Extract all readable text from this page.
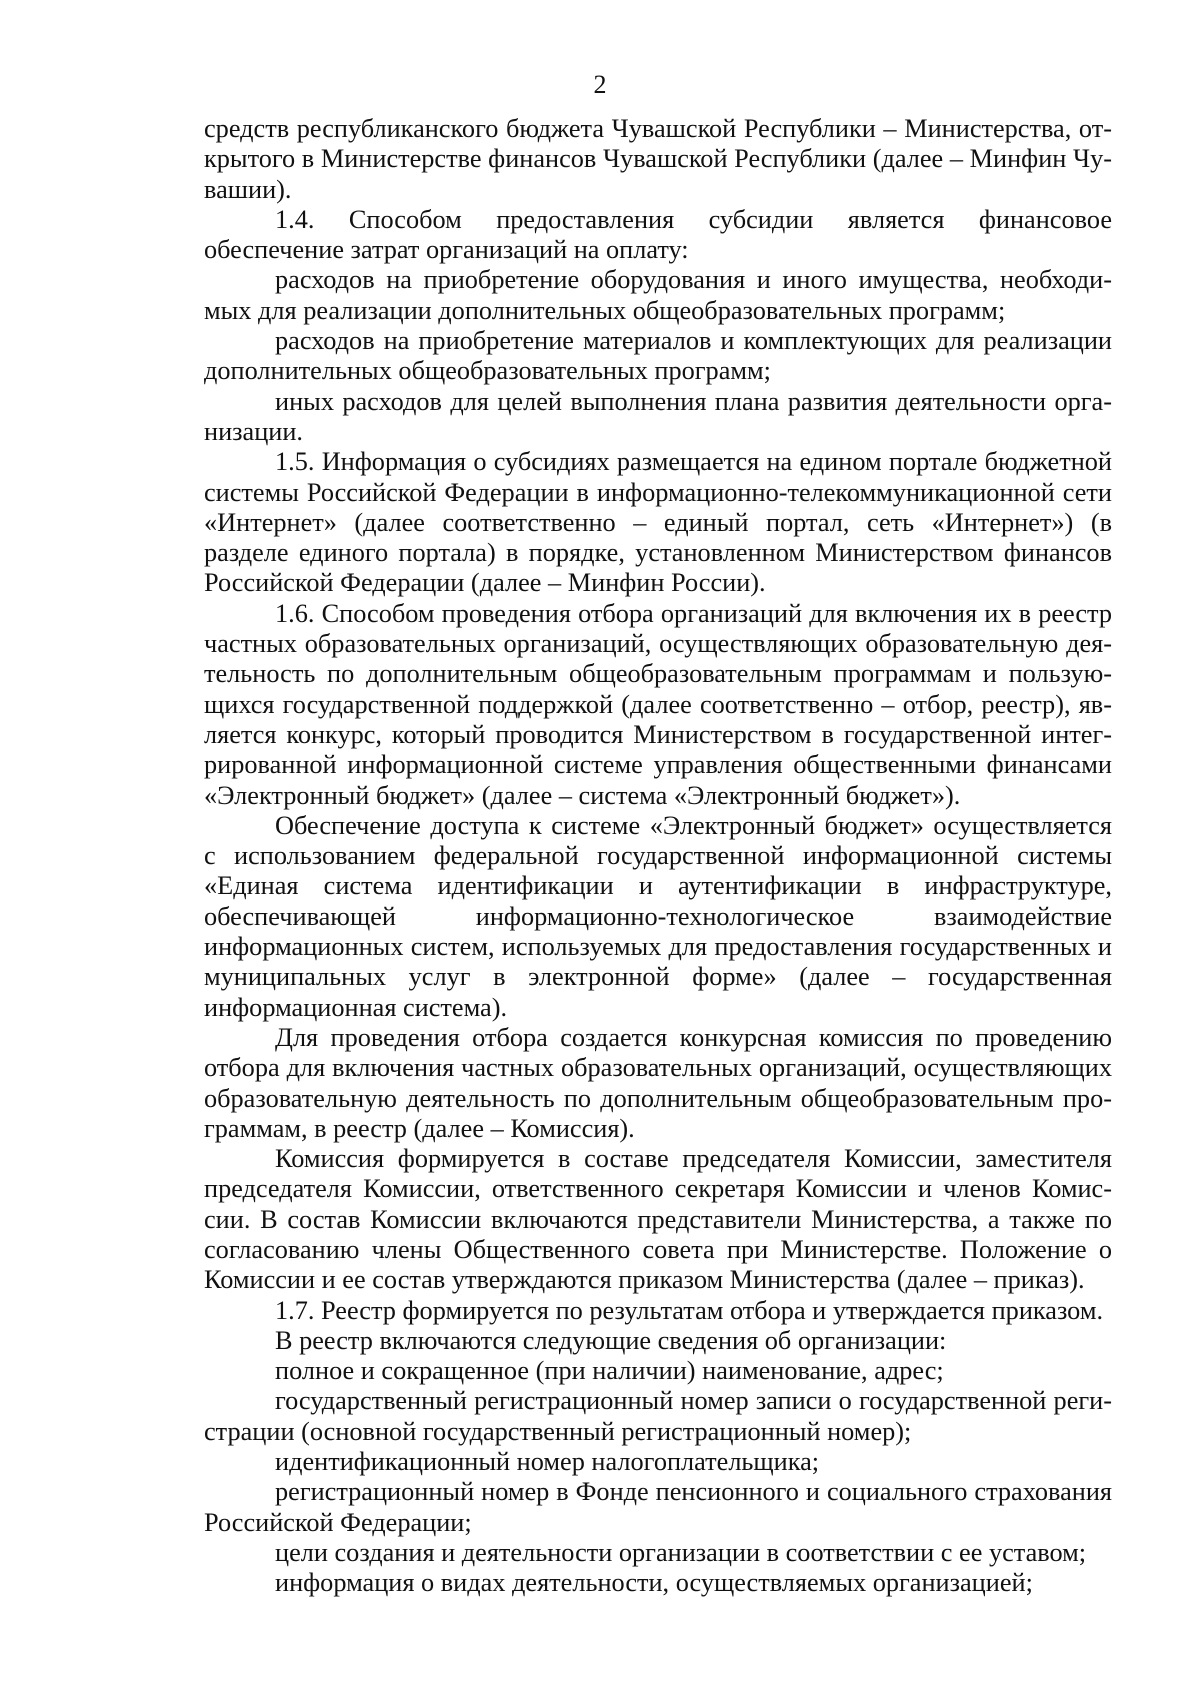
2

средств республиканского бюджета Чувашской Республики – Министерства, открытого в Министерстве финансов Чувашской Республики (далее – Минфин Чувашии).

1.4. Способом предоставления субсидии является финансовое обеспечение затрат организаций на оплату:

расходов на приобретение оборудования и иного имущества, необходимых для реализации дополнительных общеобразовательных программ;

расходов на приобретение материалов и комплектующих для реализации дополнительных общеобразовательных программ;

иных расходов для целей выполнения плана развития деятельности организации.

1.5. Информация о субсидиях размещается на едином портале бюджетной системы Российской Федерации в информационно-телекоммуникационной сети «Интернет» (далее соответственно – единый портал, сеть «Интернет») (в разделе единого портала) в порядке, установленном Министерством финансов Российской Федерации (далее – Минфин России).

1.6. Способом проведения отбора организаций для включения их в реестр частных образовательных организаций, осуществляющих образовательную деятельность по дополнительным общеобразовательным программам и пользующихся государственной поддержкой (далее соответственно – отбор, реестр), является конкурс, который проводится Министерством в государственной интегрированной информационной системе управления общественными финансами «Электронный бюджет» (далее – система «Электронный бюджет»).

Обеспечение доступа к системе «Электронный бюджет» осуществляется с использованием федеральной государственной информационной системы «Единая система идентификации и аутентификации в инфраструктуре, обеспечивающей информационно-технологическое взаимодействие информационных систем, используемых для предоставления государственных и муниципальных услуг в электронной форме» (далее – государственная информационная система).

Для проведения отбора создается конкурсная комиссия по проведению отбора для включения частных образовательных организаций, осуществляющих образовательную деятельность по дополнительным общеобразовательным программам, в реестр (далее – Комиссия).

Комиссия формируется в составе председателя Комиссии, заместителя председателя Комиссии, ответственного секретаря Комиссии и членов Комиссии. В состав Комиссии включаются представители Министерства, а также по согласованию члены Общественного совета при Министерстве. Положение о Комиссии и ее состав утверждаются приказом Министерства (далее – приказ).

1.7. Реестр формируется по результатам отбора и утверждается приказом.

В реестр включаются следующие сведения об организации:

полное и сокращенное (при наличии) наименование, адрес;

государственный регистрационный номер записи о государственной регистрации (основной государственный регистрационный номер);

идентификационный номер налогоплательщика;

регистрационный номер в Фонде пенсионного и социального страхования Российской Федерации;

цели создания и деятельности организации в соответствии с ее уставом;

информация о видах деятельности, осуществляемых организацией;
